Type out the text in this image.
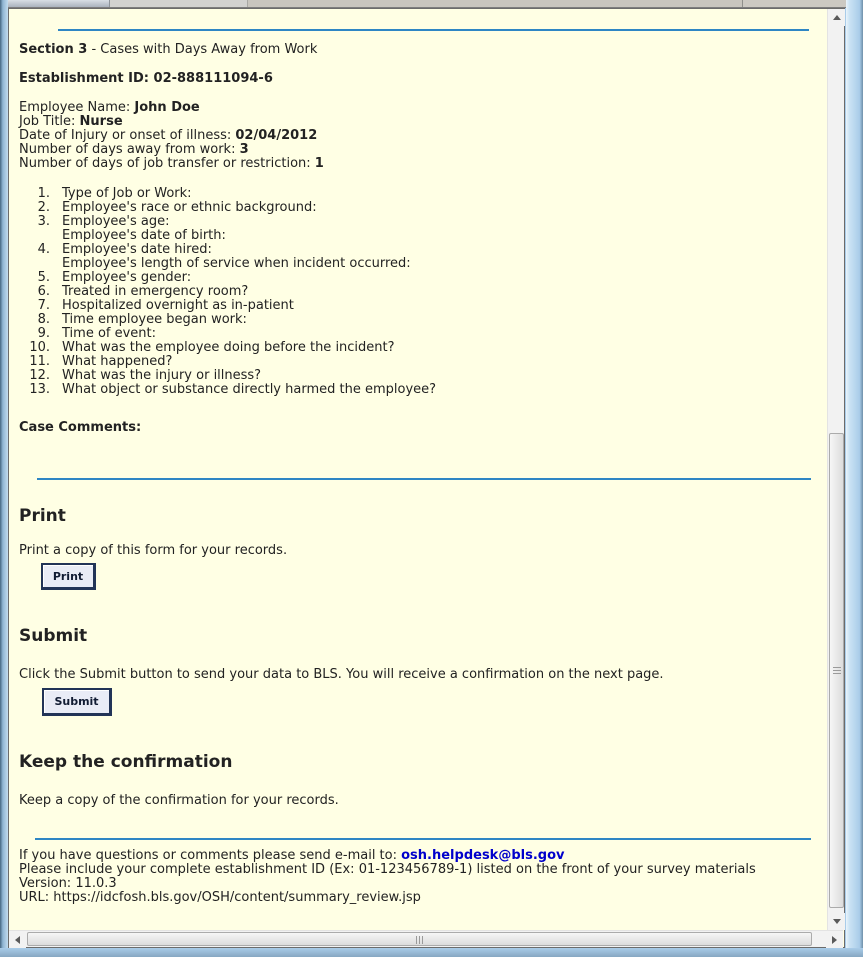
Section 3 - Cases with Days Away from Work
Establishment ID: 02-888111094-6
Employee Name: John Doe
Job Title: Nurse
Date of Injury or onset of illness: 02/04/2012
Number of days away from work: 3
Number of days of job transfer or restriction: 1
1. Type of Job or Work:
2. Employee's race or ethnic background:
3. Employee's age:
Employee's date of birth:
4. Employee's date hired:
Employee's length of service when incident occurred:
5. Employee's gender:
6. Treated in emergency room?
7. Hospitalized overnight as in-patient
8. Time employee began work:
9. Time of event:
10. What was the employee doing before the incident?
11. What happened?
12. What was the injury or illness?
13. What object or substance directly harmed the employee?
Case Comments:
Print
Print a copy of this form for your records.
Print
Submit
Click the Submit button to send your data to BLS. You will receive a confirmation on the next page.
Submit
Keep the confirmation
Keep a copy of the confirmation for your records.
If you have questions or comments please send e-mail to: osh.helpdesk@bls.gov
Please include your complete establishment ID (Ex: 01-123456789-1) listed on the front of your survey materials
Version: 11.0.3
URL: https://idcfosh.bls.gov/OSH/content/summary_review.jsp
